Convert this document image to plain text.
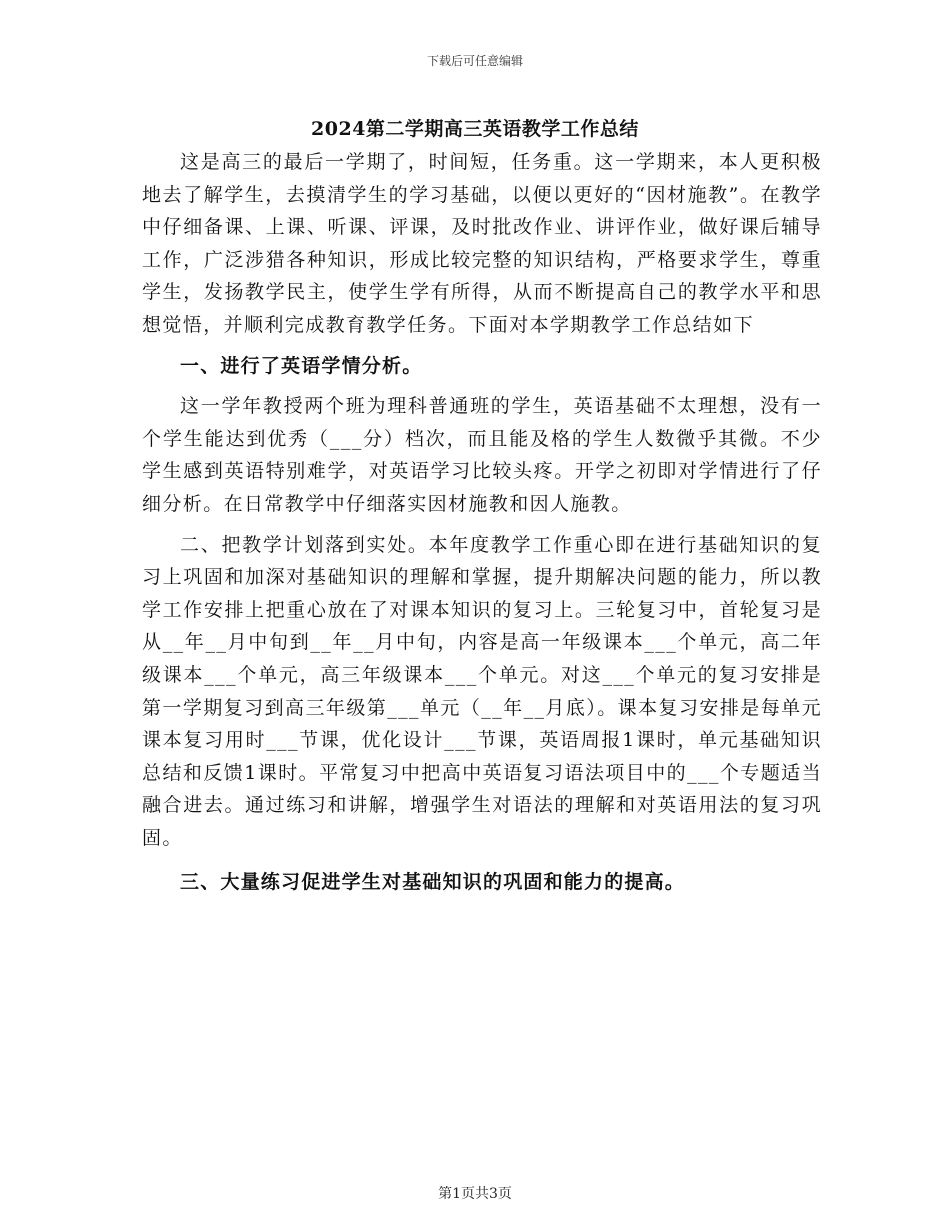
下载后可任意编辑
2024第二学期高三英语教学工作总结

这是高三的最后一学期了，时间短，任务重。这一学期来，本人更积极地去了解学生，去摸清学生的学习基础，以便以更好的“因材施教”。在教学中仔细备课、上课、听课、评课，及时批改作业、讲评作业，做好课后辅导工作，广泛涉猎各种知识，形成比较完整的知识结构，严格要求学生，尊重学生，发扬教学民主，使学生学有所得，从而不断提高自己的教学水平和思想觉悟，并顺利完成教育教学任务。下面对本学期教学工作总结如下

一、进行了英语学情分析。

这一学年教授两个班为理科普通班的学生，英语基础不太理想，没有一个学生能达到优秀（___分）档次，而且能及格的学生人数微乎其微。不少学生感到英语特别难学，对英语学习比较头疼。开学之初即对学情进行了仔细分析。在日常教学中仔细落实因材施教和因人施教。

二、把教学计划落到实处。本年度教学工作重心即在进行基础知识的复习上巩固和加深对基础知识的理解和掌握，提升期解决问题的能力，所以教学工作安排上把重心放在了对课本知识的复习上。三轮复习中，首轮复习是从__年__月中旬到__年__月中旬，内容是高一年级课本___个单元，高二年级课本___个单元，高三年级课本___个单元。对这___个单元的复习安排是第一学期复习到高三年级第___单元（__年__月底）。课本复习安排是每单元课本复习用时___节课，优化设计___节课，英语周报1课时，单元基础知识总结和反馈1课时。平常复习中把高中英语复习语法项目中的___个专题适当融合进去。通过练习和讲解，增强学生对语法的理解和对英语用法的复习巩固。

三、大量练习促进学生对基础知识的巩固和能力的提高。

第1页共3页
